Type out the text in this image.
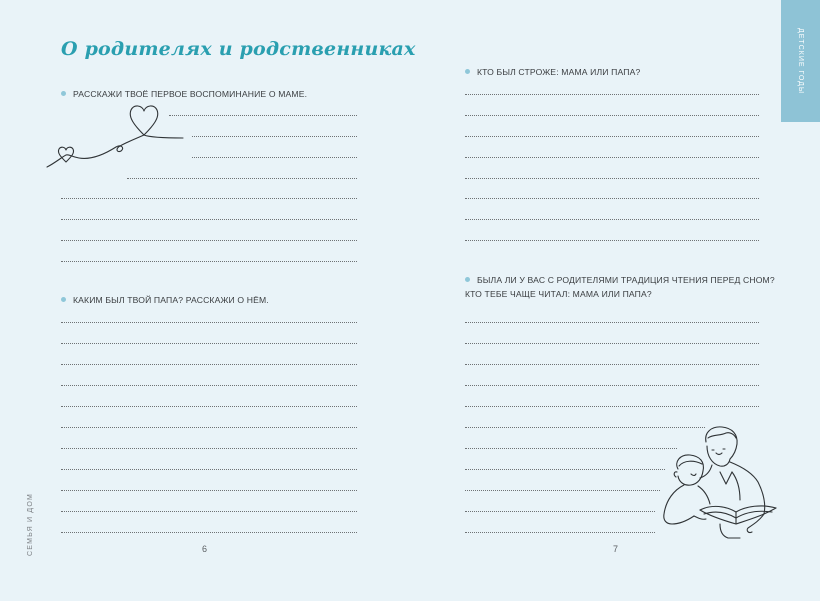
О родителях и родственниках
РАССКАЖИ ТВОЁ ПЕРВОЕ ВОСПОМИНАНИЕ О МАМЕ.
КАКИМ БЫЛ ТВОЙ ПАПА? РАССКАЖИ О НЁМ.
СЕМЬЯ И ДОМ	6
ДЕТСКИЕ ГОДЫ
КТО БЫЛ СТРОЖЕ: МАМА ИЛИ ПАПА?
БЫЛА ЛИ У ВАС С РОДИТЕЛЯМИ ТРАДИЦИЯ ЧТЕНИЯ ПЕРЕД СНОМ?
КТО ТЕБЕ ЧАЩЕ ЧИТАЛ: МАМА ИЛИ ПАПА?
7
